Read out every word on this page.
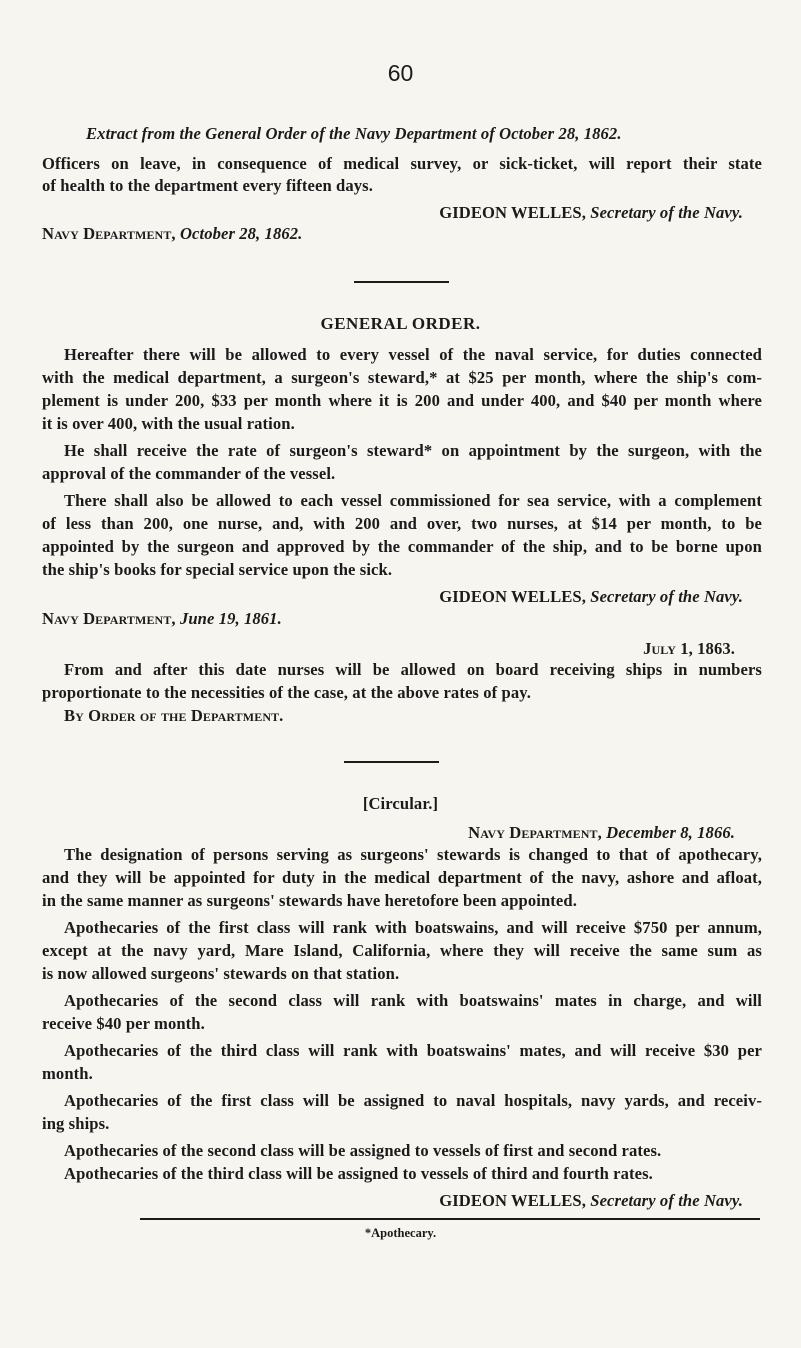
60
Extract from the General Order of the Navy Department of October 28, 1862.
Officers on leave, in consequence of medical survey, or sick-ticket, will report their state
of health to the department every fifteen days.
GIDEON WELLES, Secretary of the Navy.
Navy Department, October 28, 1862.
GENERAL ORDER.
Hereafter there will be allowed to every vessel of the naval service, for duties connected
with the medical department, a surgeon's steward,* at $25 per month, where the ship's com-
plement is under 200, $33 per month where it is 200 and under 400, and $40 per month where
it is over 400, with the usual ration.
He shall receive the rate of surgeon's steward* on appointment by the surgeon, with the
approval of the commander of the vessel.
There shall also be allowed to each vessel commissioned for sea service, with a complement
of less than 200, one nurse, and, with 200 and over, two nurses, at $14 per month, to be
appointed by the surgeon and approved by the commander of the ship, and to be borne upon
the ship's books for special service upon the sick.
GIDEON WELLES, Secretary of the Navy.
Navy Department, June 19, 1861.
July 1, 1863.
From and after this date nurses will be allowed on board receiving ships in numbers
proportionate to the necessities of the case, at the above rates of pay.
By Order of the Department.
[Circular.]
Navy Department, December 8, 1866.
The designation of persons serving as surgeons' stewards is changed to that of apothecary,
and they will be appointed for duty in the medical department of the navy, ashore and afloat,
in the same manner as surgeons' stewards have heretofore been appointed.
Apothecaries of the first class will rank with boatswains, and will receive $750 per annum,
except at the navy yard, Mare Island, California, where they will receive the same sum as
is now allowed surgeons' stewards on that station.
Apothecaries of the second class will rank with boatswains' mates in charge, and will
receive $40 per month.
Apothecaries of the third class will rank with boatswains' mates, and will receive $30 per
month.
Apothecaries of the first class will be assigned to naval hospitals, navy yards, and receiv-
ing ships.
Apothecaries of the second class will be assigned to vessels of first and second rates.
Apothecaries of the third class will be assigned to vessels of third and fourth rates.
GIDEON WELLES, Secretary of the Navy.
*Apothecary.
